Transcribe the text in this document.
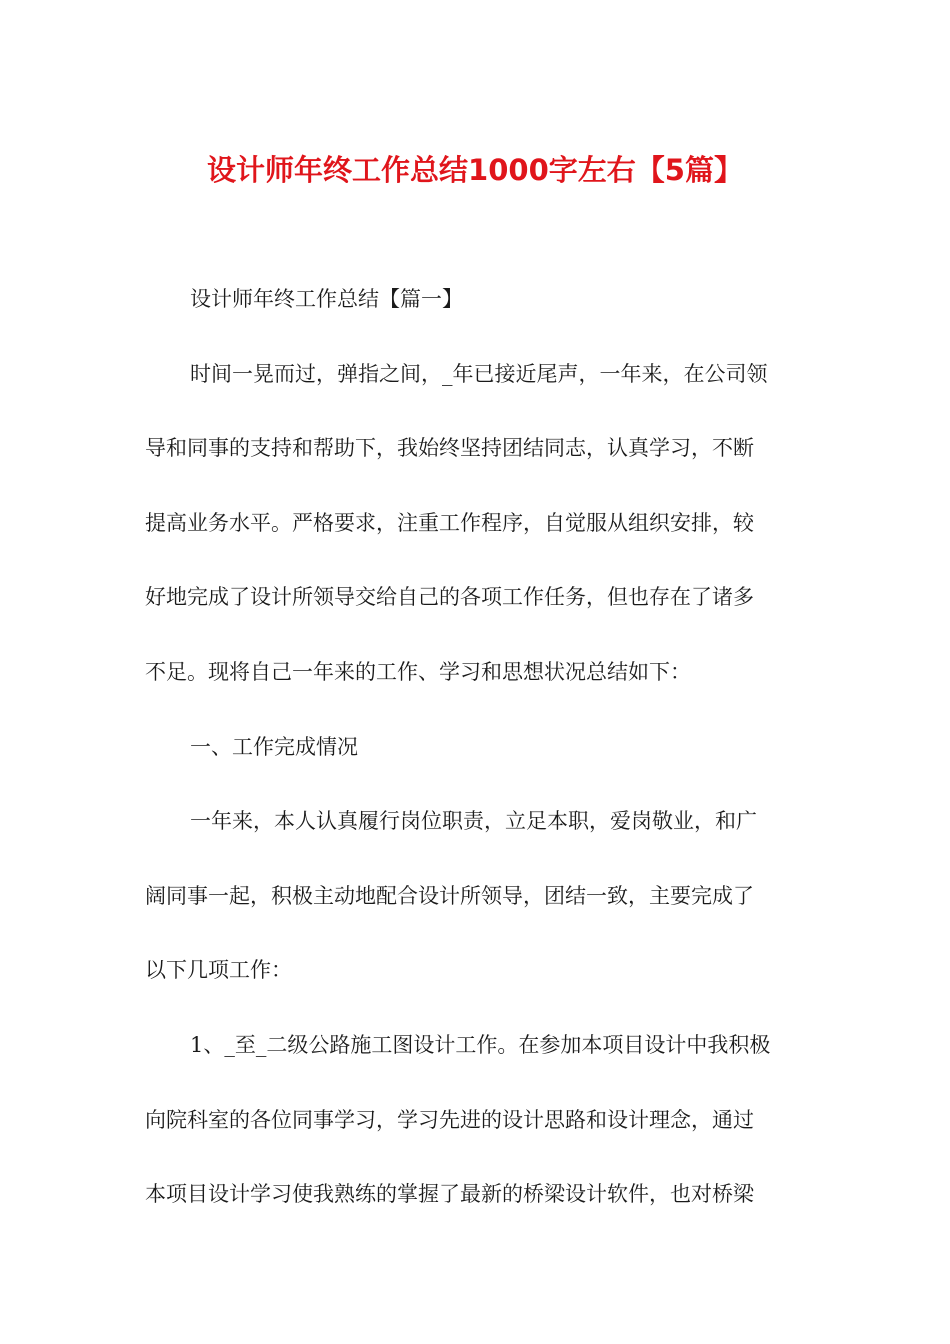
设计师年终工作总结1000字左右【5篇】
设计师年终工作总结【篇一】
时间一晃而过，弹指之间，_年已接近尾声，一年来，在公司领
导和同事的支持和帮助下，我始终坚持团结同志，认真学习，不断
提高业务水平。严格要求，注重工作程序，自觉服从组织安排，较
好地完成了设计所领导交给自己的各项工作任务，但也存在了诸多
不足。现将自己一年来的工作、学习和思想状况总结如下：
一、工作完成情况
一年来，本人认真履行岗位职责，立足本职，爱岗敬业，和广
阔同事一起，积极主动地配合设计所领导，团结一致，主要完成了
以下几项工作：
1、_至_二级公路施工图设计工作。在参加本项目设计中我积极
向院科室的各位同事学习，学习先进的设计思路和设计理念，通过
本项目设计学习使我熟练的掌握了最新的桥梁设计软件，也对桥梁
